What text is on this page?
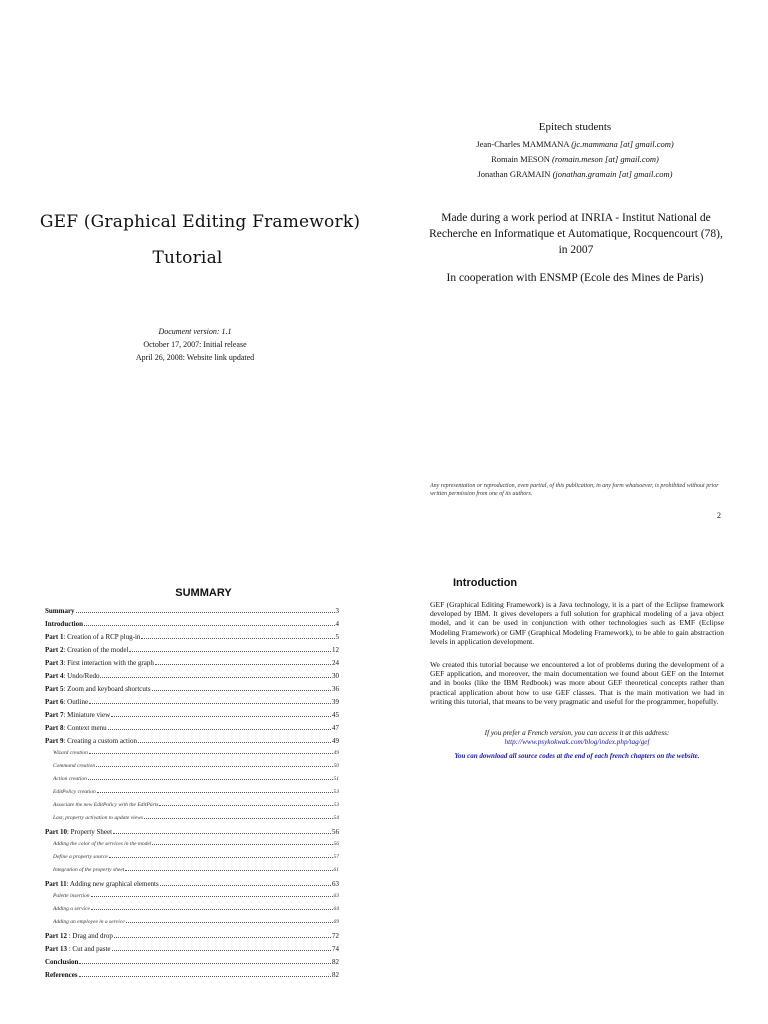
GEF (Graphical Editing Framework)
Tutorial
Document version: 1.1
October 17, 2007: Initial release
April 26, 2008: Website link updated
Epitech students
Jean-Charles MAMMANA (jc.mammana [at] gmail.com)
Romain MESON (romain.meson [at] gmail.com)
Jonathan GRAMAIN (jonathan.gramain [at] gmail.com)
Made during a work period at INRIA - Institut National de Recherche en Informatique et Automatique, Rocquencourt (78), in 2007
In cooperation with ENSMP (Ecole des Mines de Paris)
Any representation or reproduction, even partial, of this publication, in any form whatsoever, is prohibited without prior written permission from one of its authors.
2
SUMMARY
Summary	3
Introduction	4
Part 1: Creation of a RCP plug-in	5
Part 2: Creation of the model	12
Part 3: First interaction with the graph	24
Part 4: Undo/Redo	30
Part 5: Zoom and keyboard shortcuts	36
Part 6: Outline	39
Part 7: Miniature view	45
Part 8: Context menu	47
Part 9: Creating a custom action	49
Wizard creation	49
Command creation	50
Action creation	51
EditPolicy creation	53
Associate the new EditPolicy with the EditParts	53
Last, property activation to update views	54
Part 10: Property Sheet	56
Adding the color of the services in the model	56
Define a property source	57
Integration of the property sheet	61
Part 11: Adding new graphical elements	63
Palette insertion	63
Adding a service	64
Adding an employee in a service	69
Part 12 : Drag and drop	72
Part 13 : Cut and paste	74
Conclusion	82
References	82
Introduction
GEF (Graphical Editing Framework) is a Java technology, it is a part of the Eclipse framework developed by IBM. It gives developers a full solution for graphical modeling of a java object model, and it can be used in conjunction with other technologies such as EMF (Eclipse Modeling Framework) or GMF (Graphical Modeling Framework), to be able to gain abstraction levels in application development.
We created this tutorial because we encountered a lot of problems during the development of a GEF application, and moreover, the main documentation we found about GEF on the Internet and in books (like the IBM Redbook) was more about GEF theoretical concepts rather than practical application about how to use GEF classes. That is the main motivation we had in writing this tutorial, that means to be very pragmatic and useful for the programmer, hopefully.
If you prefer a French version, you can access it at this address:
http://www.psykokwak.com/blog/index.php/tag/gef
You can download all source codes at the end of each french chapters on the website.
